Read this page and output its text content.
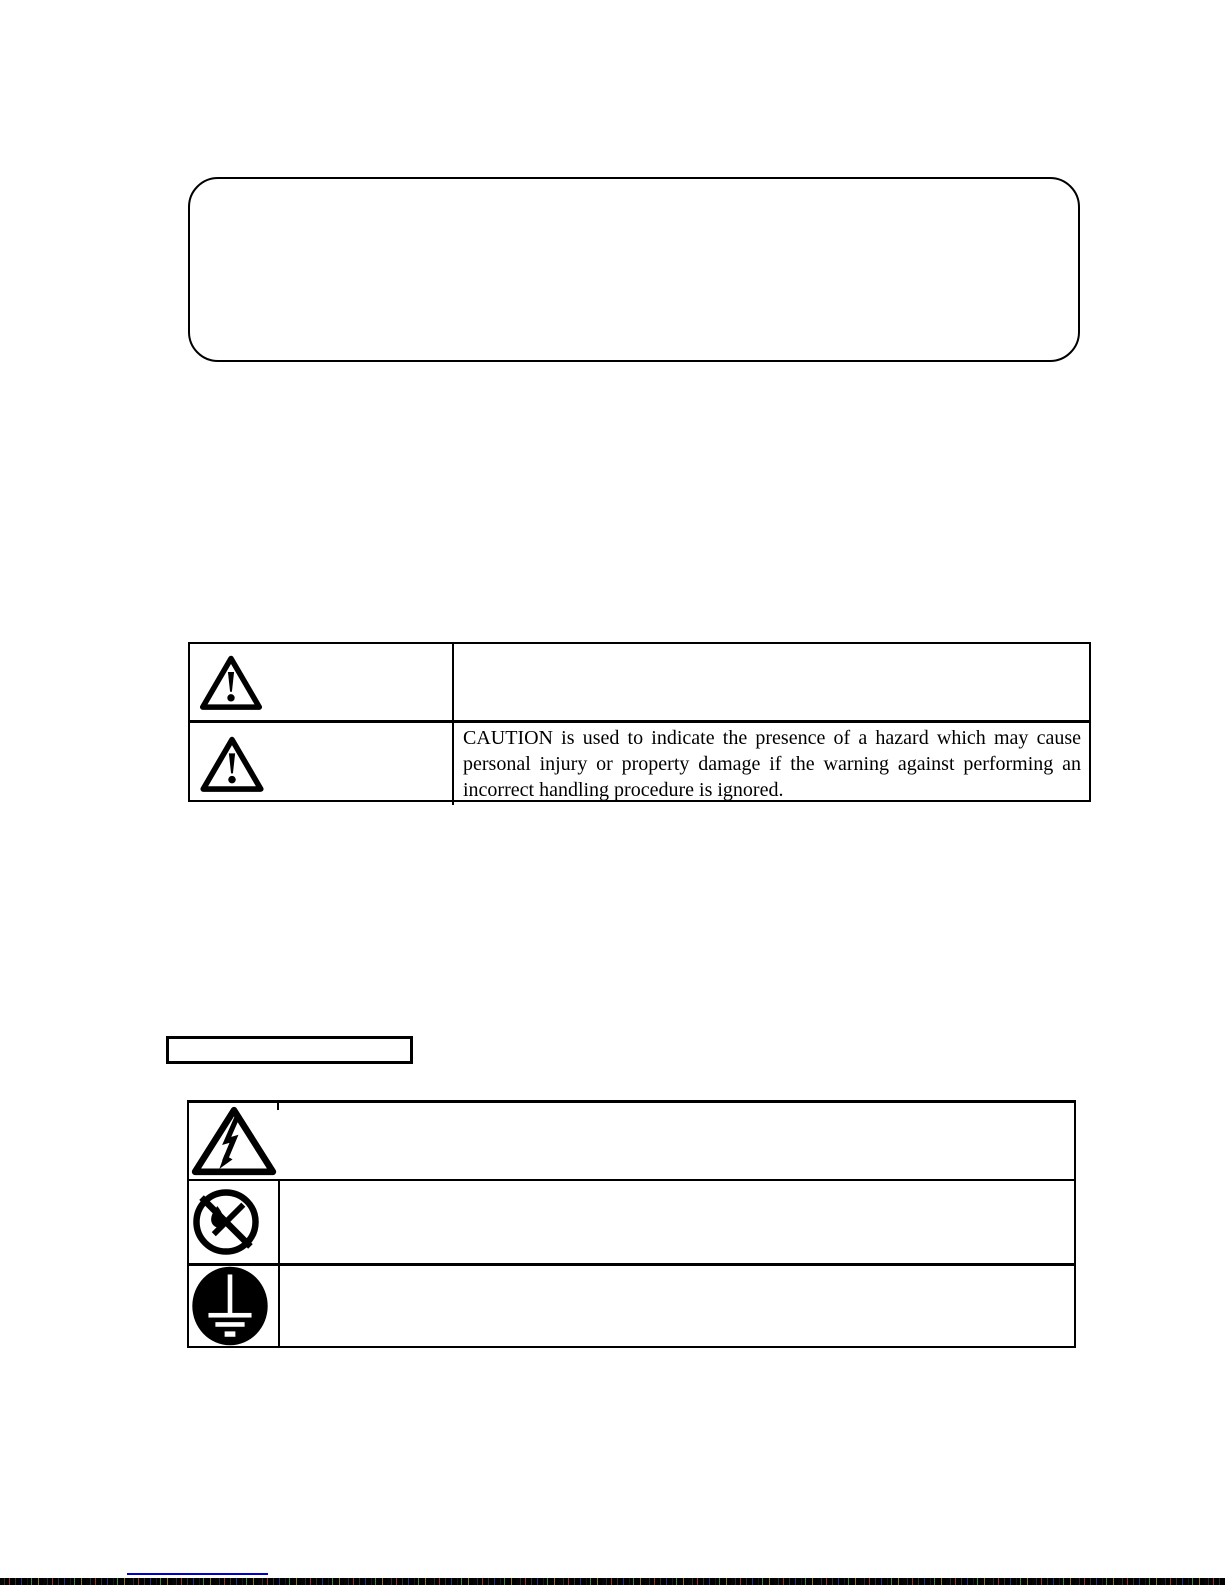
CAUTION is used to indicate the presence of a hazard which may cause personal injury or property damage if the warning against performing an incorrect handling procedure is ignored.
